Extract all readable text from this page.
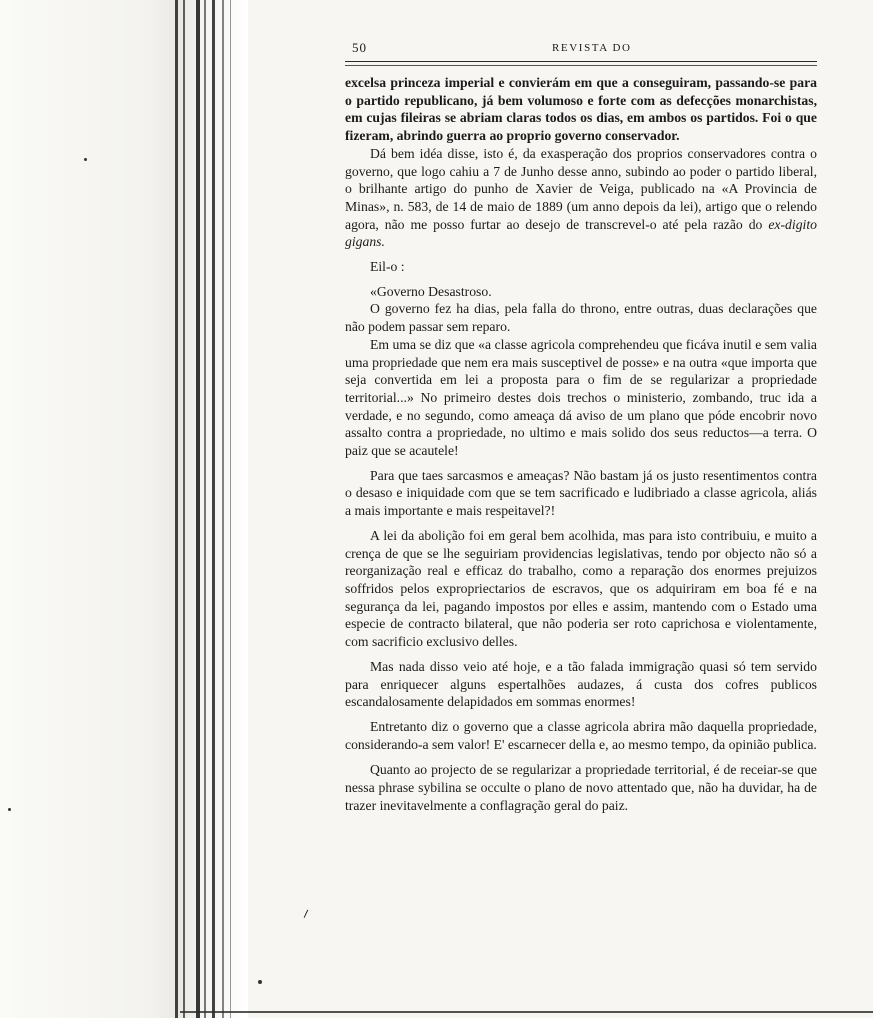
⸝
50	REVISTA DO

excelsa princeza imperial e convierám em que a conseguiram, passando-se para o partido republicano, já bem volumoso e forte com as defecções monarchistas, em cujas fileiras se abriam claras todos os dias, em ambos os partidos. Foi o que fizeram, abrindo guerra ao proprio governo conservador.

Dá bem idéa disse, isto é, da exasperação dos proprios conservadores contra o governo, que logo cahiu a 7 de Junho desse anno, subindo ao poder o partido liberal, o brilhante artigo do punho de Xavier de Veiga, publicado na «A Provincia de Minas», n. 583, de 14 de maio de 1889 (um anno depois da lei), artigo que o relendo agora, não me posso furtar ao desejo de transcrevel-o até pela razão do ex-digito gigans.

Eil-o :

«Governo Desastroso.

O governo fez ha dias, pela falla do throno, entre outras, duas declarações que não podem passar sem reparo.

Em uma se diz que «a classe agricola comprehendeu que ficáva inutil e sem valia uma propriedade que nem era mais susceptivel de posse» e na outra «que importa que seja convertida em lei a proposta para o fim de se regularizar a propriedade territorial...» No primeiro destes dois trechos o ministerio, zombando, truc ida a verdade, e no segundo, como ameaça dá aviso de um plano que póde encobrir novo assalto contra a propriedade, no ultimo e mais solido dos seus reductos—a terra. O paiz que se acautele!

Para que taes sarcasmos e ameaças? Não bastam já os justo resentimentos contra o desaso e iniquidade com que se tem sacrificado e ludibriado a classe agricola, aliás a mais importante e mais respeitavel?!

A lei da abolição foi em geral bem acolhida, mas para isto contribuiu, e muito a crença de que se lhe seguiriam providencias legislativas, tendo por objecto não só a reorganização real e efficaz do trabalho, como a reparação dos enormes prejuizos soffridos pelos expropriectarios de escravos, que os adquiriram em boa fé e na segurança da lei, pagando impostos por elles e assim, mantendo com o Estado uma especie de contracto bilateral, que não poderia ser roto caprichosa e violentamente, com sacrificio exclusivo delles.

Mas nada disso veio até hoje, e a tão falada immigração quasi só tem servido para enriquecer alguns espertalhões audazes, á custa dos cofres publicos escandalosamente delapidados em sommas enormes!

Entretanto diz o governo que a classe agricola abrira mão daquella propriedade, considerando-a sem valor! E' escarnecer della e, ao mesmo tempo, da opinião publica.

Quanto ao projecto de se regularizar a propriedade territorial, é de receiar-se que nessa phrase sybilina se occulte o plano de novo attentado que, não ha duvidar, ha de trazer inevitavelmente a conflagração geral do paiz.
